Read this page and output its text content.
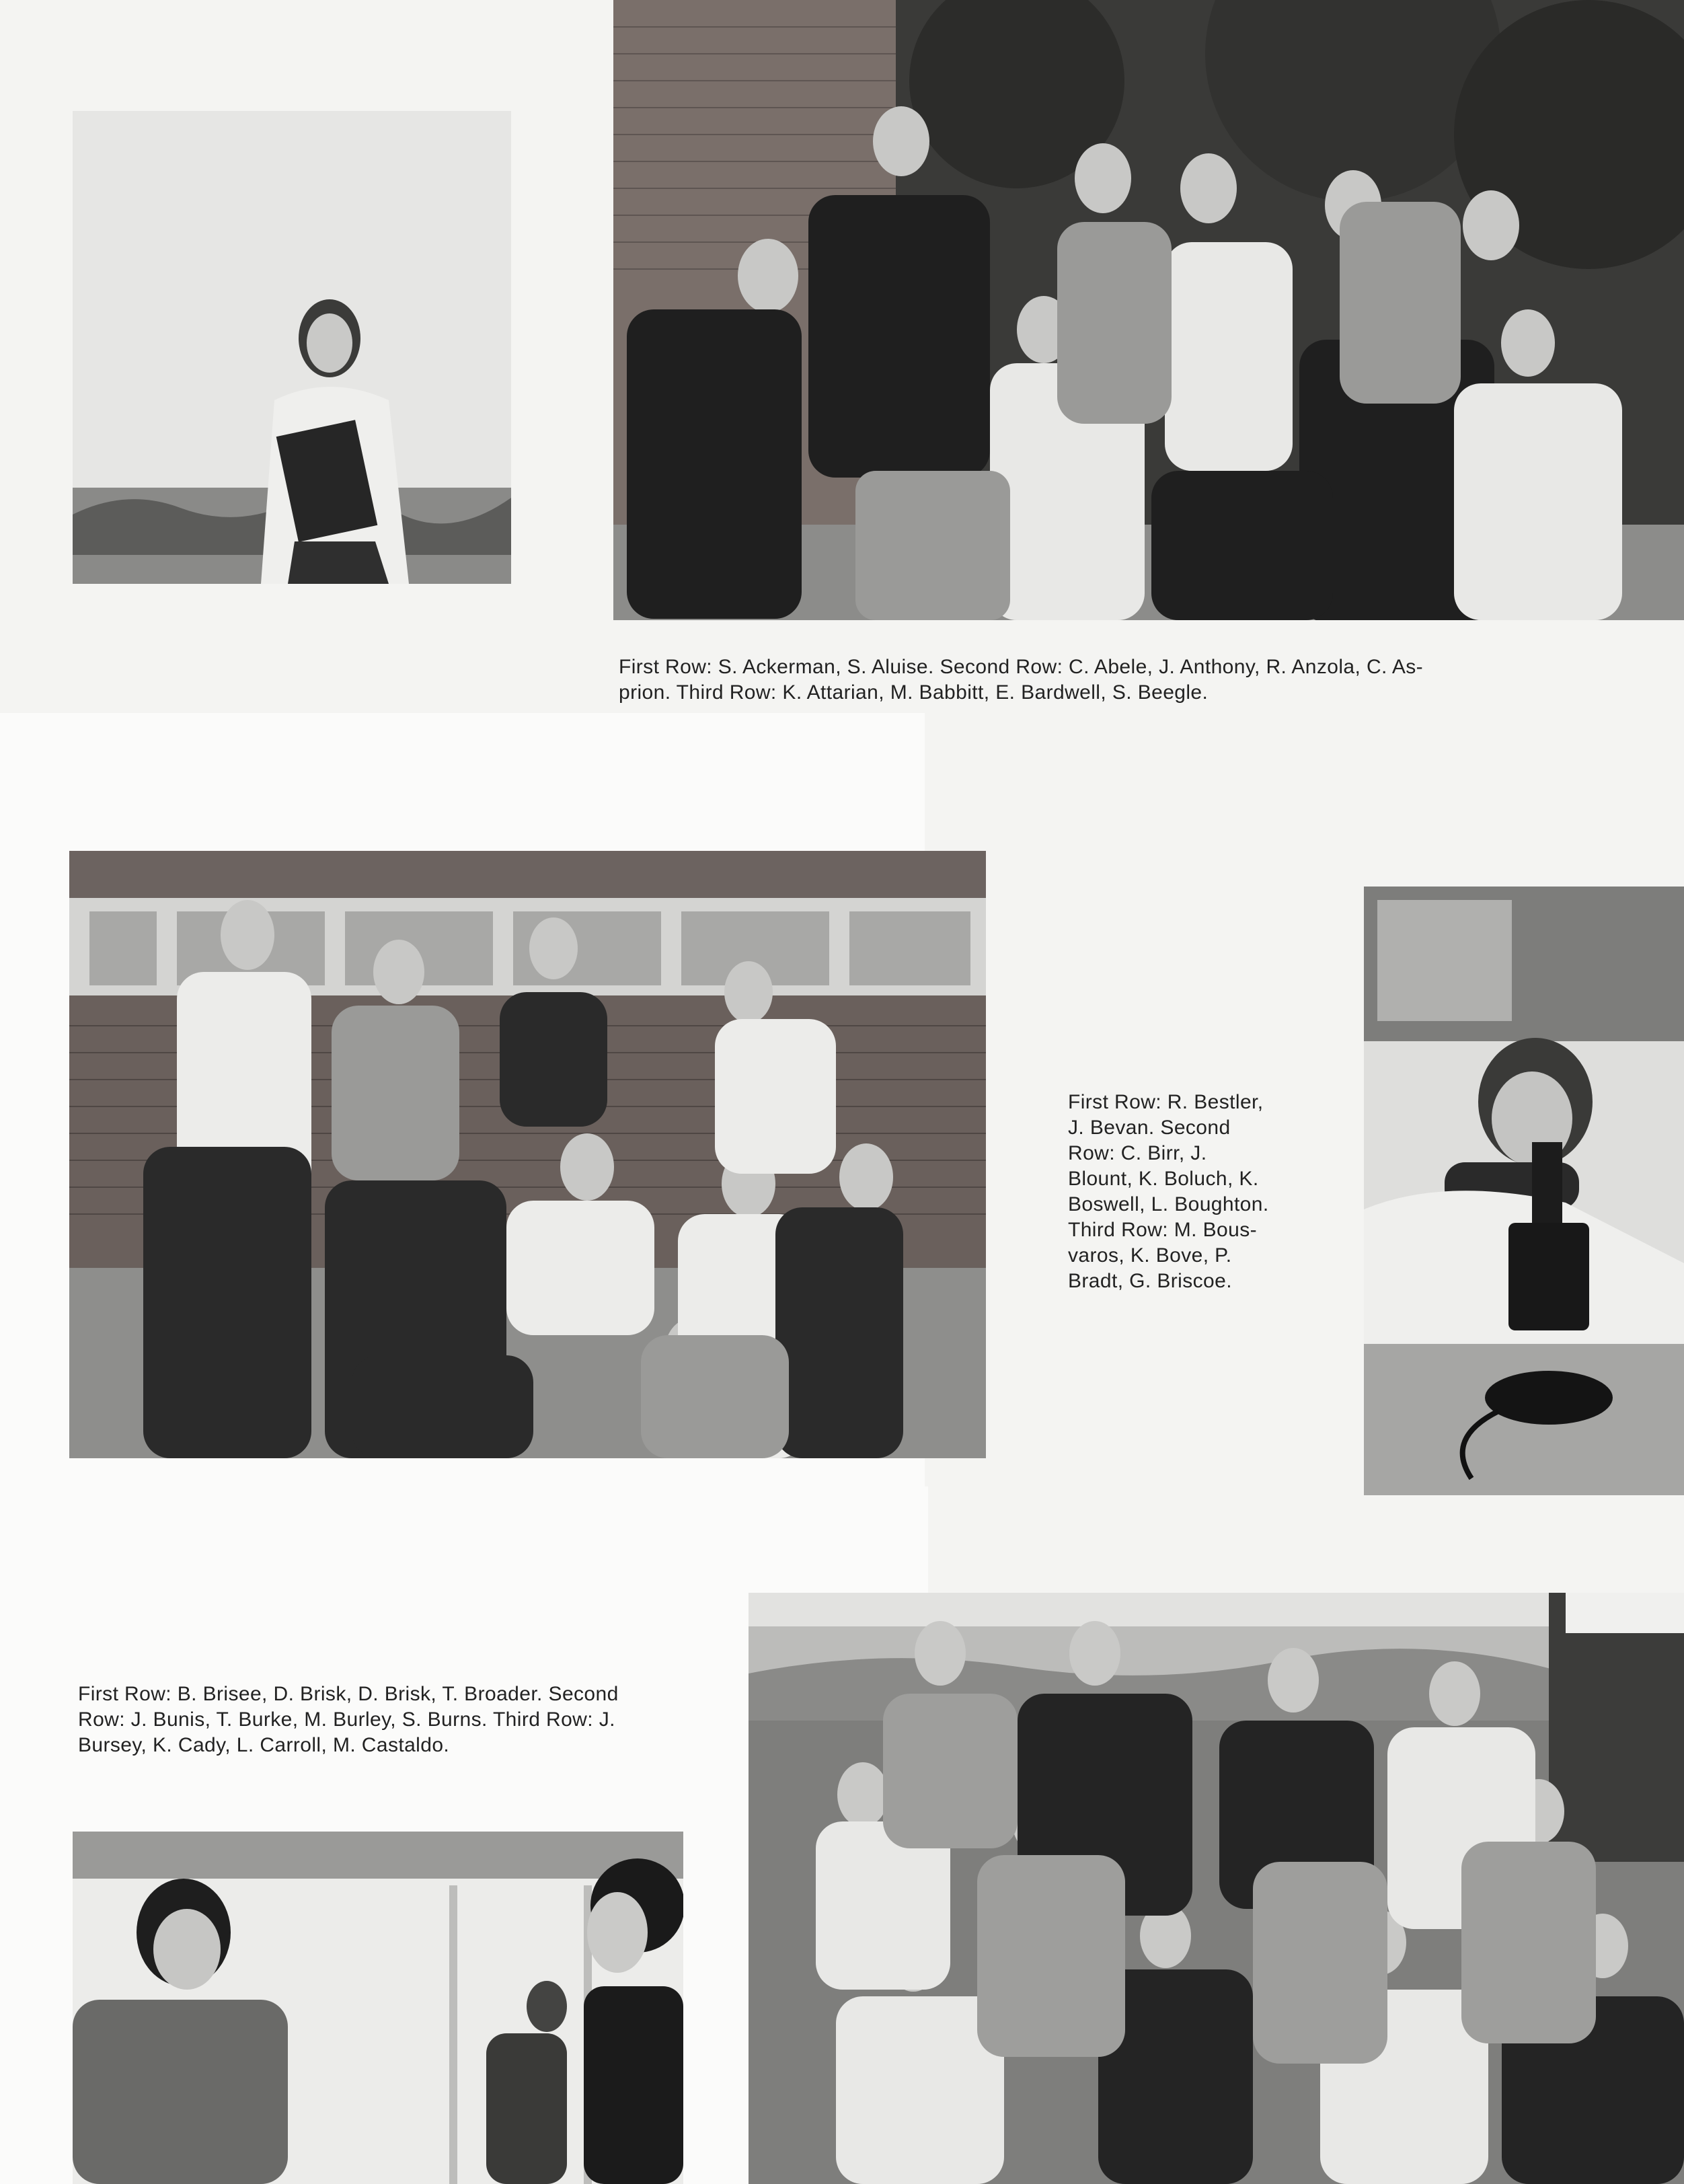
First Row: S. Ackerman, S. Aluise. Second Row: C. Abele, J. Anthony, R. Anzola, C. As-
prion. Third Row: K. Attarian, M. Babbitt, E. Bardwell, S. Beegle.
First Row: R. Bestler,
J. Bevan. Second
Row: C. Birr, J.
Blount, K. Boluch, K.
Boswell, L. Boughton.
Third Row: M. Bous-
varos, K. Bove, P.
Bradt, G. Briscoe.
First Row: B. Brisee, D. Brisk, D. Brisk, T. Broader. Second
Row: J. Bunis, T. Burke, M. Burley, S. Burns. Third Row: J.
Bursey, K. Cady, L. Carroll, M. Castaldo.
